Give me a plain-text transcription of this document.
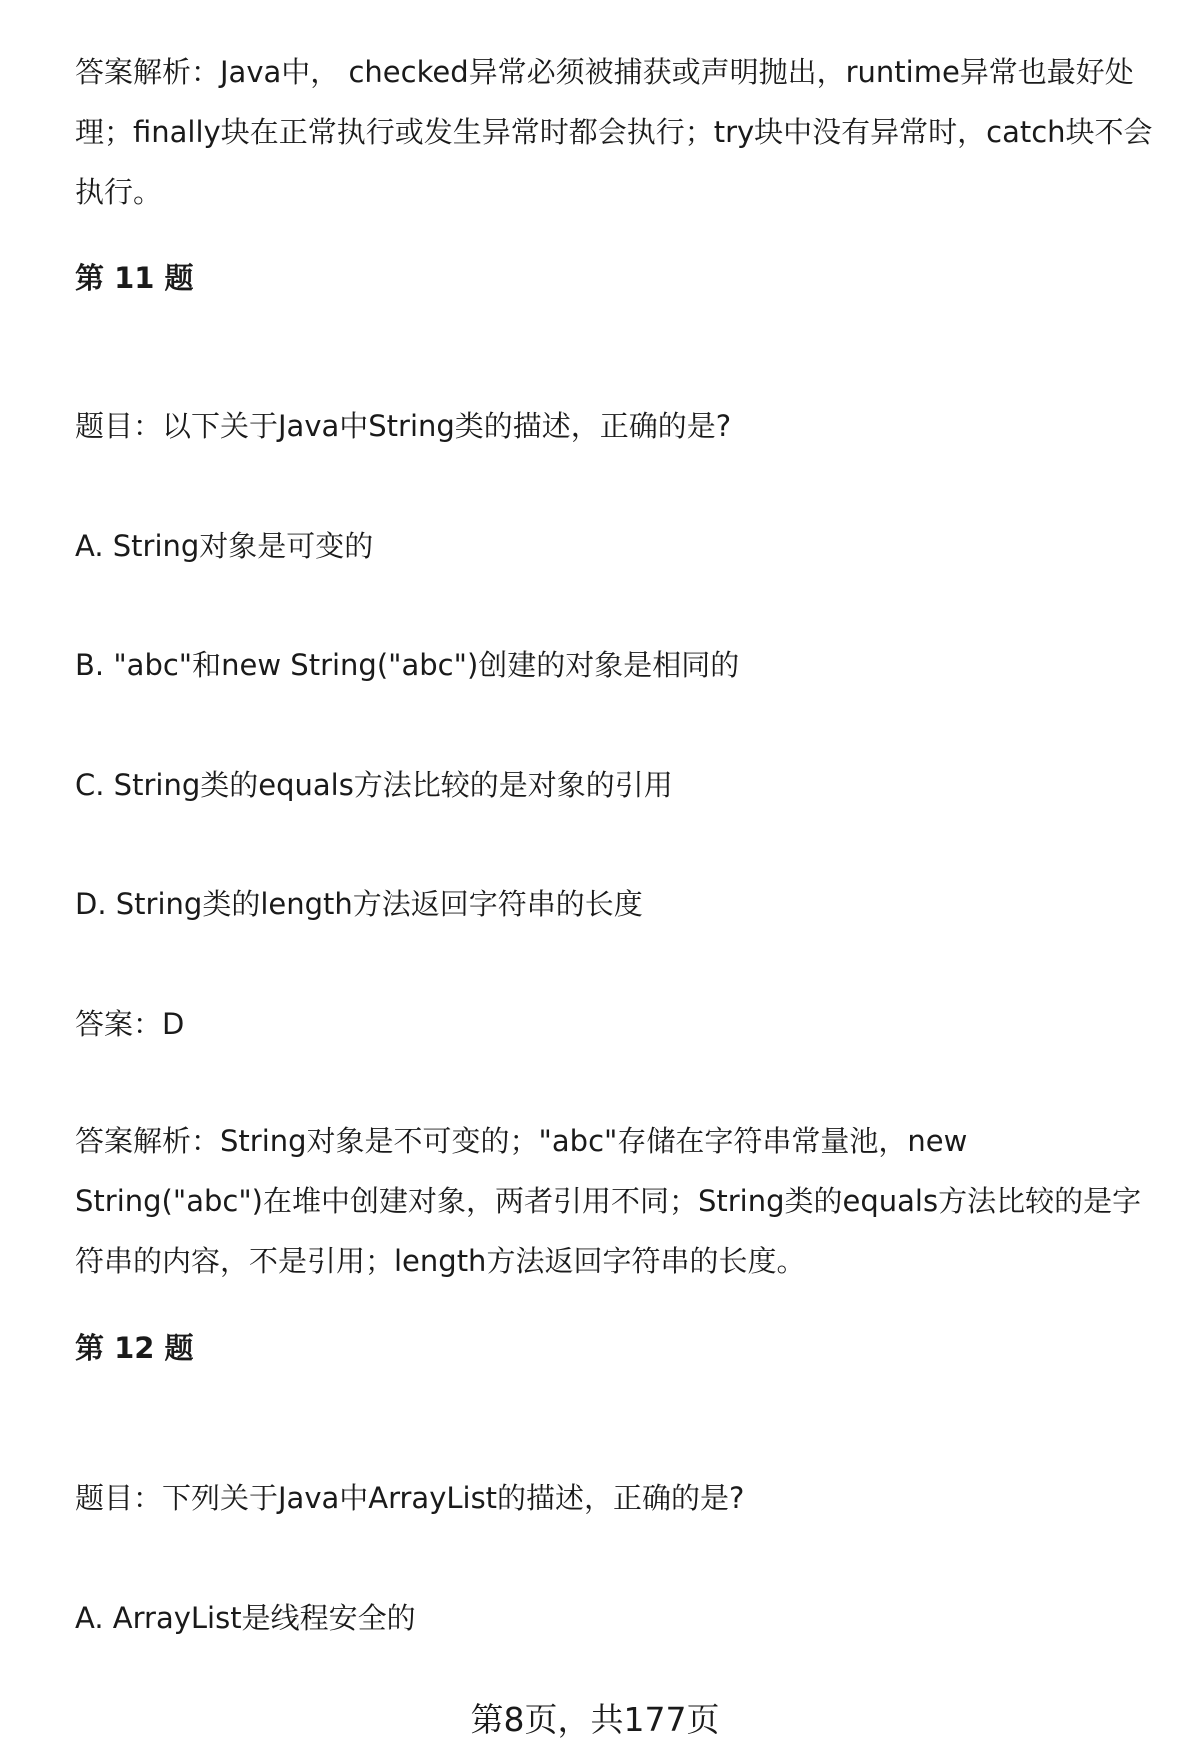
答案解析：Java中， checked异常必须被捕获或声明抛出，runtime异常也最好处理；finally块在正常执行或发生异常时都会执行；try块中没有异常时，catch块不会执行。

第 11 题
题目：以下关于Java中String类的描述，正确的是?
A. String对象是可变的
B. "abc"和new String("abc")创建的对象是相同的
C. String类的equals方法比较的是对象的引用
D. String类的length方法返回字符串的长度
答案：D

答案解析：String对象是不可变的；"abc"存储在字符串常量池，new String("abc")在堆中创建对象，两者引用不同；String类的equals方法比较的是字符串的内容，不是引用；length方法返回字符串的长度。

第 12 题
题目：下列关于Java中ArrayList的描述，正确的是?
A. ArrayList是线程安全的
第8页，共177页
